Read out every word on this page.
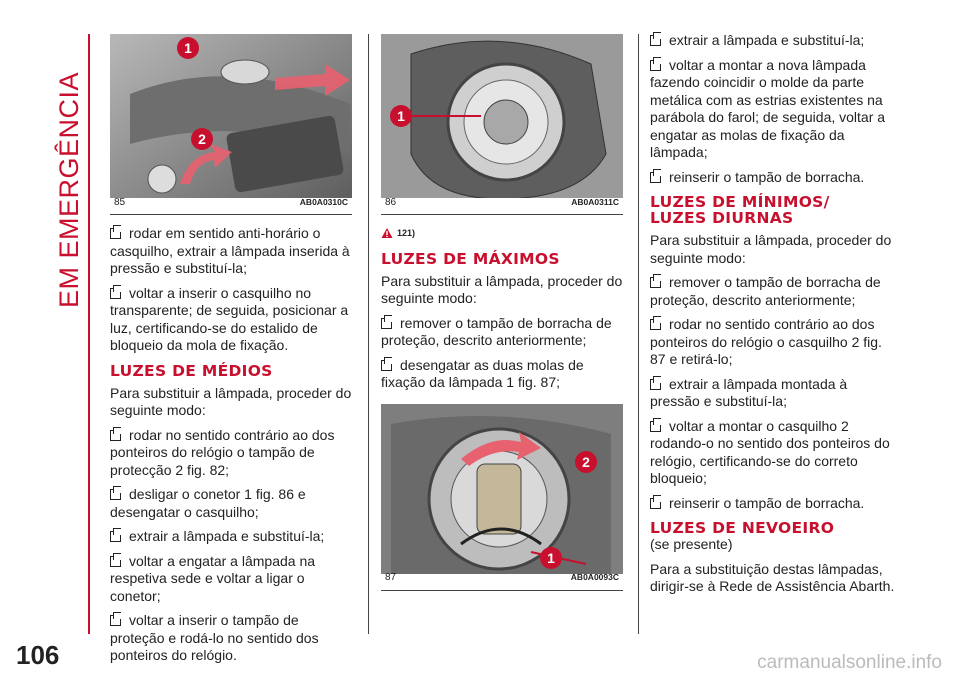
EM EMERGÊNCIA
1
2
85	AB0A0310C

rodar em sentido anti-horário o casquilho, extrair a lâmpada inserida à pressão e substituí-la;

voltar a inserir o casquilho no transparente; de seguida, posicionar a luz, certificando-se do estalido de bloqueio da mola de fixação.

LUZES DE MÉDIOS

Para substituir a lâmpada, proceder do seguinte modo:

rodar no sentido contrário ao dos ponteiros do relógio o tampão de protecção 2 fig. 82;

desligar o conetor 1 fig. 86 e desengatar o casquilho;

extrair a lâmpada e substituí-la;

voltar a engatar a lâmpada na respetiva sede e voltar a ligar o conetor;

voltar a inserir o tampão de proteção e rodá-lo no sentido dos ponteiros do relógio.

1
86	AB0A0311C

121)

LUZES DE MÁXIMOS

Para substituir a lâmpada, proceder do seguinte modo:

remover o tampão de borracha de proteção, descrito anteriormente;

desengatar as duas molas de fixação da lâmpada 1 fig. 87;

2
1
87	AB0A0093C

extrair a lâmpada e substituí-la;

voltar a montar a nova lâmpada fazendo coincidir o molde da parte metálica com as estrias existentes na parábola do farol; de seguida, voltar a engatar as molas de fixação da lâmpada;

reinserir o tampão de borracha.

LUZES DE MÍNIMOS/ LUZES DIURNAS

Para substituir a lâmpada, proceder do seguinte modo:

remover o tampão de borracha de proteção, descrito anteriormente;

rodar no sentido contrário ao dos ponteiros do relógio o casquilho 2 fig. 87 e retirá-lo;

extrair a lâmpada montada à pressão e substituí-la;

voltar a montar o casquilho 2 rodando-o no sentido dos ponteiros do relógio, certificando-se do correto bloqueio;

reinserir o tampão de borracha.

LUZES DE NEVOEIRO

(se presente)

Para a substituição destas lâmpadas, dirigir-se à Rede de Assistência Abarth.

106	carmanualsonline.info
